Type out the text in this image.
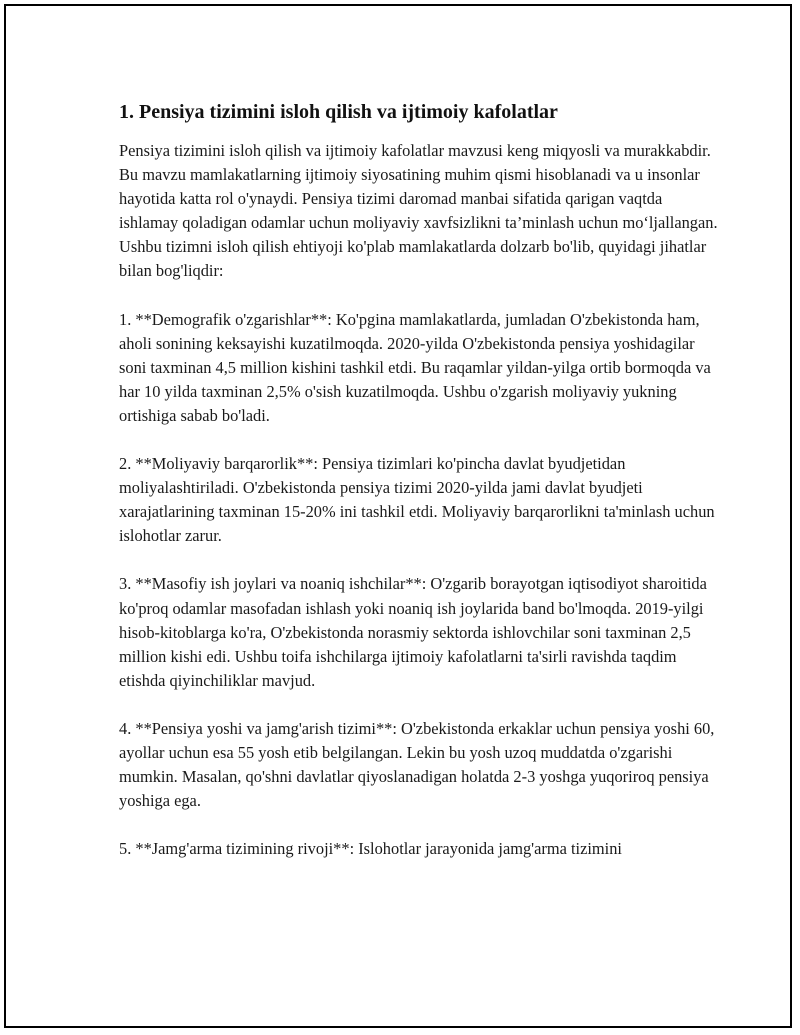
1. Pensiya tizimini isloh qilish va ijtimoiy kafolatlar

Pensiya tizimini isloh qilish va ijtimoiy kafolatlar mavzusi keng miqyosli va murakkabdir. Bu mavzu mamlakatlarning ijtimoiy siyosatining muhim qismi hisoblanadi va u insonlar hayotida katta rol o'ynaydi. Pensiya tizimi daromad manbai sifatida qarigan vaqtda ishlamay qoladigan odamlar uchun moliyaviy xavfsizlikni ta’minlash uchun mo‘ljallangan. Ushbu tizimni isloh qilish ehtiyoji ko'plab mamlakatlarda dolzarb bo'lib, quyidagi jihatlar bilan bog'liqdir:

1. **Demografik o'zgarishlar**: Ko'pgina mamlakatlarda, jumladan O'zbekistonda ham, aholi sonining keksayishi kuzatilmoqda. 2020-yilda O'zbekistonda pensiya yoshidagilar soni taxminan 4,5 million kishini tashkil etdi. Bu raqamlar yildan-yilga ortib bormoqda va har 10 yilda taxminan 2,5% o'sish kuzatilmoqda. Ushbu o'zgarish moliyaviy yukning ortishiga sabab bo'ladi.

2. **Moliyaviy barqarorlik**: Pensiya tizimlari ko'pincha davlat byudjetidan moliyalashtiriladi. O'zbekistonda pensiya tizimi 2020-yilda jami davlat byudjeti xarajatlarining taxminan 15-20% ini tashkil etdi. Moliyaviy barqarorlikni ta'minlash uchun islohotlar zarur.

3. **Masofiy ish joylari va noaniq ishchilar**: O'zgarib borayotgan iqtisodiyot sharoitida ko'proq odamlar masofadan ishlash yoki noaniq ish joylarida band bo'lmoqda. 2019-yilgi hisob-kitoblarga ko'ra, O'zbekistonda norasmiy sektorda ishlovchilar soni taxminan 2,5 million kishi edi. Ushbu toifa ishchilarga ijtimoiy kafolatlarni ta'sirli ravishda taqdim etishda qiyinchiliklar mavjud.

4. **Pensiya yoshi va jamg'arish tizimi**: O'zbekistonda erkaklar uchun pensiya yoshi 60, ayollar uchun esa 55 yosh etib belgilangan. Lekin bu yosh uzoq muddatda o'zgarishi mumkin. Masalan, qo'shni davlatlar qiyoslanadigan holatda 2-3 yoshga yuqoriroq pensiya yoshiga ega.

5. **Jamg'arma tizimining rivoji**: Islohotlar jarayonida jamg'arma tizimini
